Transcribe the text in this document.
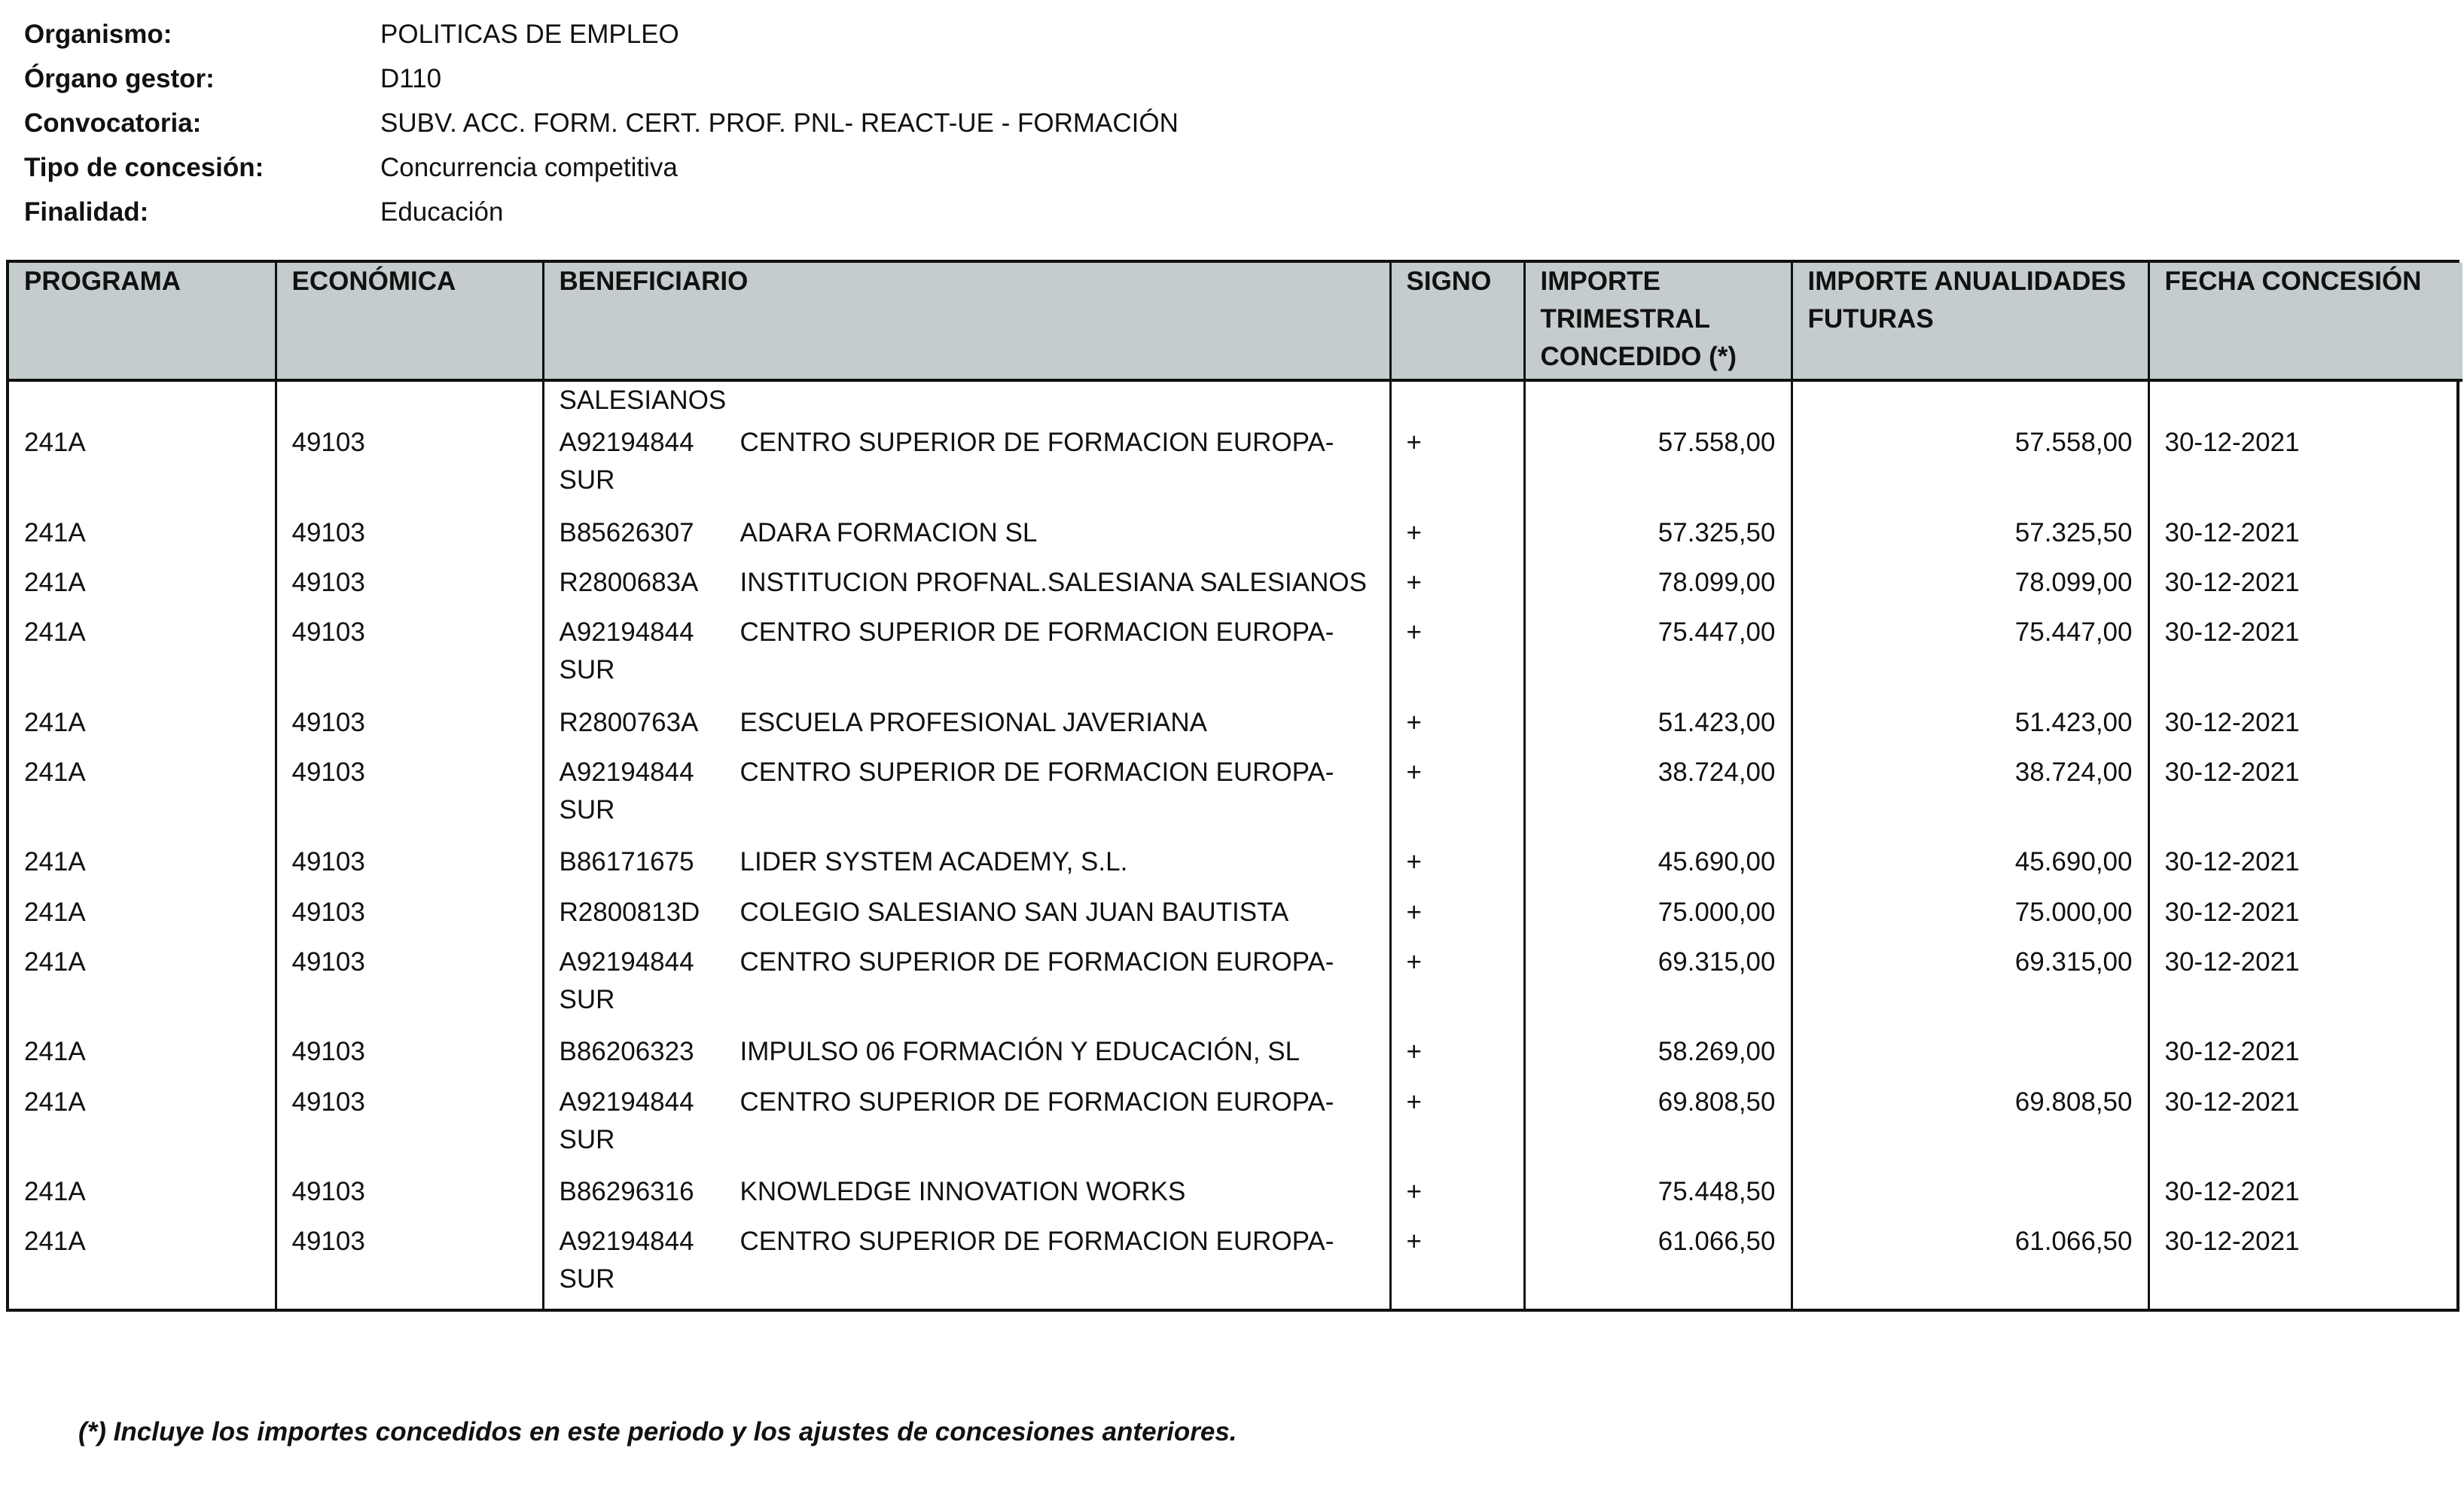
Organismo:	POLITICAS DE EMPLEO
Órgano gestor:	D110
Convocatoria:	SUBV. ACC. FORM. CERT. PROF. PNL- REACT-UE - FORMACIÓN
Tipo de concesión:	Concurrencia competitiva
Finalidad:	Educación
PROGRAMA	ECONÓMICA	BENEFICIARIO	SIGNO	IMPORTE TRIMESTRAL CONCEDIDO (*)	IMPORTE ANUALIDADES FUTURAS	FECHA CONCESIÓN
		SALESIANOS				
241A	49103	A92194844 CENTRO SUPERIOR DE FORMACION EUROPA-SUR	+	57.558,00	57.558,00	30-12-2021
241A	49103	B85626307 ADARA FORMACION SL	+	57.325,50	57.325,50	30-12-2021
241A	49103	R2800683A INSTITUCION PROFNAL.SALESIANA SALESIANOS	+	78.099,00	78.099,00	30-12-2021
241A	49103	A92194844 CENTRO SUPERIOR DE FORMACION EUROPA-SUR	+	75.447,00	75.447,00	30-12-2021
241A	49103	R2800763A ESCUELA PROFESIONAL JAVERIANA	+	51.423,00	51.423,00	30-12-2021
241A	49103	A92194844 CENTRO SUPERIOR DE FORMACION EUROPA-SUR	+	38.724,00	38.724,00	30-12-2021
241A	49103	B86171675 LIDER SYSTEM ACADEMY, S.L.	+	45.690,00	45.690,00	30-12-2021
241A	49103	R2800813D COLEGIO SALESIANO SAN JUAN BAUTISTA	+	75.000,00	75.000,00	30-12-2021
241A	49103	A92194844 CENTRO SUPERIOR DE FORMACION EUROPA-SUR	+	69.315,00	69.315,00	30-12-2021
241A	49103	B86206323 IMPULSO 06 FORMACIÓN Y EDUCACIÓN, SL	+	58.269,00		30-12-2021
241A	49103	A92194844 CENTRO SUPERIOR DE FORMACION EUROPA-SUR	+	69.808,50	69.808,50	30-12-2021
241A	49103	B86296316 KNOWLEDGE INNOVATION WORKS	+	75.448,50		30-12-2021
241A	49103	A92194844 CENTRO SUPERIOR DE FORMACION EUROPA-SUR	+	61.066,50	61.066,50	30-12-2021

(*) Incluye los importes concedidos en este periodo y los ajustes de concesiones anteriores.
